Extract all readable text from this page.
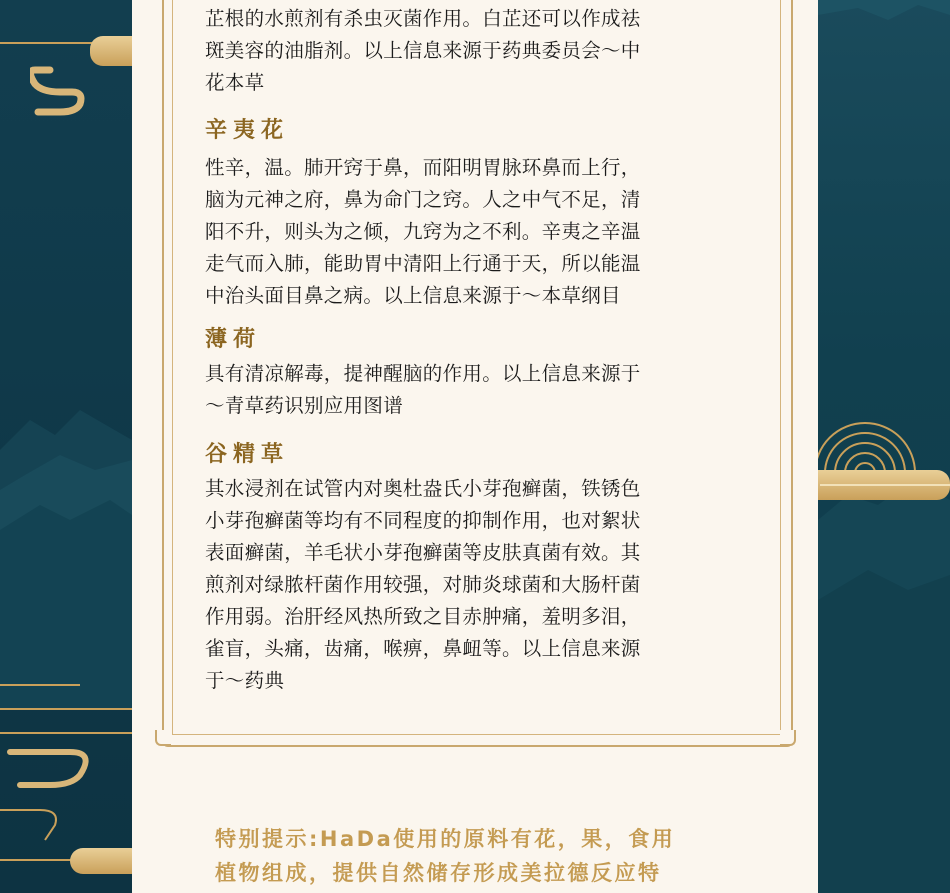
芷根的水煎剂有杀虫灭菌作用。白芷还可以作成祛

斑美容的油脂剂。以上信息来源于药典委员会～中

花本草

辛夷花

性辛，温。肺开窍于鼻，而阳明胃脉环鼻而上行，

脑为元神之府，鼻为命门之窍。人之中气不足，清

阳不升，则头为之倾，九窍为之不利。辛夷之辛温

走气而入肺，能助胃中清阳上行通于天，所以能温

中治头面目鼻之病。以上信息来源于～本草纲目

薄荷

具有清凉解毒，提神醒脑的作用。以上信息来源于

～青草药识别应用图谱

谷精草

其水浸剂在试管内对奥杜盎氏小芽孢癣菌，铁锈色

小芽孢癣菌等均有不同程度的抑制作用，也对絮状

表面癣菌，羊毛状小芽孢癣菌等皮肤真菌有效。其

煎剂对绿脓杆菌作用较强，对肺炎球菌和大肠杆菌

作用弱。治肝经风热所致之目赤肿痛，羞明多泪，

雀盲，头痛，齿痛，喉痹，鼻衄等。以上信息来源

于～药典

特别提示:HaDa使用的原料有花，果，食用
植物组成，提供自然储存形成美拉德反应特
